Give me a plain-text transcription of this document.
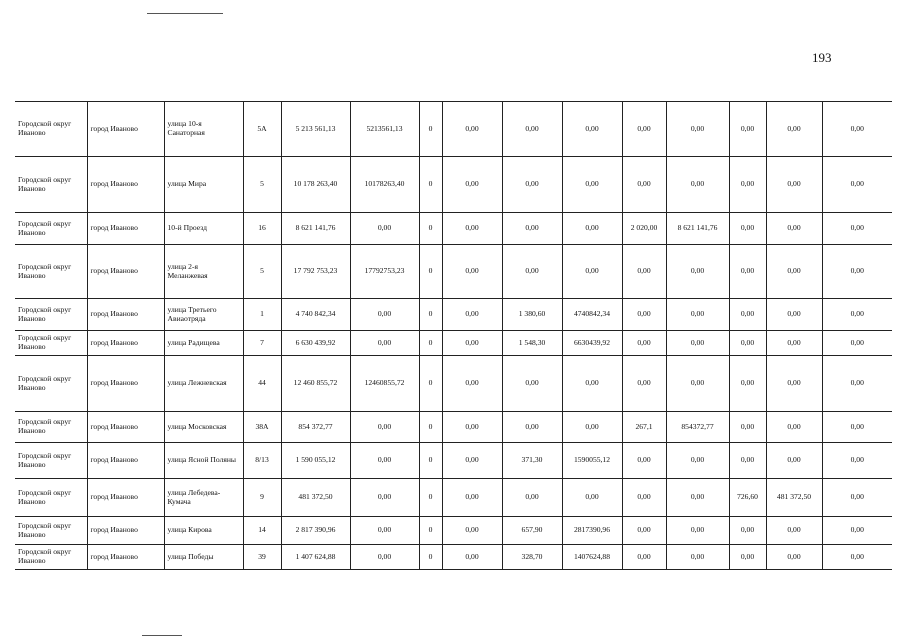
193
Городской округ Иваново	город Иваново	улица 10-я Санаторная	5А	5 213 561,13	5213561,13	0	0,00	0,00	0,00	0,00	0,00	0,00	0,00	0,00
Городской округ Иваново	город Иваново	улица Мира	5	10 178 263,40	10178263,40	0	0,00	0,00	0,00	0,00	0,00	0,00	0,00	0,00
Городской округ Иваново	город Иваново	10-й Проезд	16	8 621 141,76	0,00	0	0,00	0,00	0,00	2 020,00	8 621 141,76	0,00	0,00	0,00
Городской округ Иваново	город Иваново	улица 2-я Меланжевая	5	17 792 753,23	17792753,23	0	0,00	0,00	0,00	0,00	0,00	0,00	0,00	0,00
Городской округ Иваново	город Иваново	улица Третьего Авиаотряда	1	4 740 842,34	0,00	0	0,00	1 380,60	4740842,34	0,00	0,00	0,00	0,00	0,00
Городской округ Иваново	город Иваново	улица Радищева	7	6 630 439,92	0,00	0	0,00	1 548,30	6630439,92	0,00	0,00	0,00	0,00	0,00
Городской округ Иваново	город Иваново	улица Лежневская	44	12 460 855,72	12460855,72	0	0,00	0,00	0,00	0,00	0,00	0,00	0,00	0,00
Городской округ Иваново	город Иваново	улица Московская	38А	854 372,77	0,00	0	0,00	0,00	0,00	267,1	854372,77	0,00	0,00	0,00
Городской округ Иваново	город Иваново	улица Ясной Поляны	8/13	1 590 055,12	0,00	0	0,00	371,30	1590055,12	0,00	0,00	0,00	0,00	0,00
Городской округ Иваново	город Иваново	улица Лебедева-Кумача	9	481 372,50	0,00	0	0,00	0,00	0,00	0,00	0,00	726,60	481 372,50	0,00
Городской округ Иваново	город Иваново	улица Кирова	14	2 817 390,96	0,00	0	0,00	657,90	2817390,96	0,00	0,00	0,00	0,00	0,00
Городской округ Иваново	город Иваново	улица Победы	39	1 407 624,88	0,00	0	0,00	328,70	1407624,88	0,00	0,00	0,00	0,00	0,00
